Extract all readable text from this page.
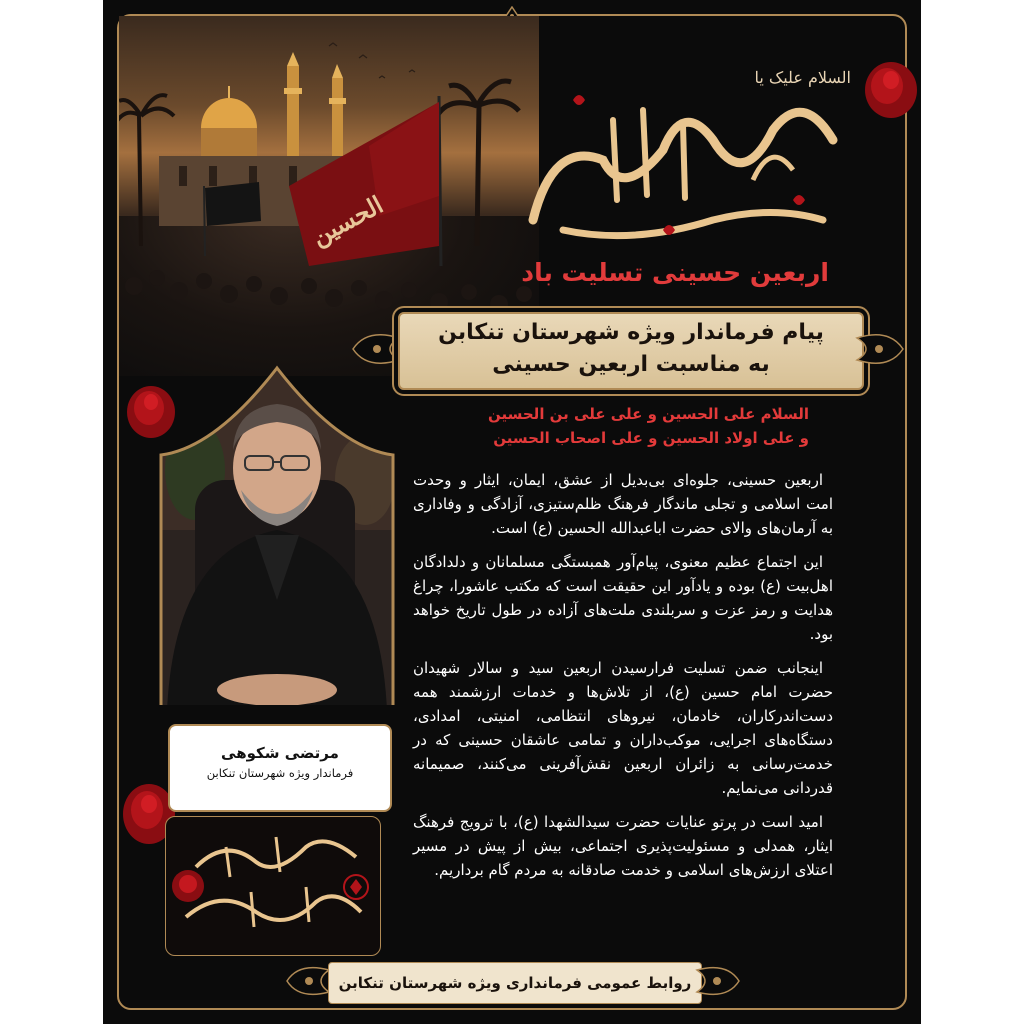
الحسین
السلام علیک یا
اربعین حسینی تسلیت باد
پیام فرماندار ویژه شهرستان تنکابن
به مناسبت اربعین حسینی
السلام علی الحسین و علی علی بن الحسین
و علی اولاد الحسین و علی اصحاب الحسین

اربعین حسینی، جلوه‌ای بی‌بدیل از عشق، ایمان، ایثار و وحدت امت اسلامی و تجلی ماندگار فرهنگ ظلم‌ستیزی، آزادگی و وفاداری به آرمان‌های والای حضرت اباعبدالله الحسین (ع) است.

این اجتماع عظیم معنوی، پیام‌آور همبستگی مسلمانان و دلدادگان اهل‌بیت (ع) بوده و یادآور این حقیقت است که مکتب عاشورا، چراغ هدایت و رمز عزت و سربلندی ملت‌های آزاده در طول تاریخ خواهد بود.

اینجانب ضمن تسلیت فرارسیدن اربعین سید و سالار شهیدان حضرت امام حسین (ع)، از تلاش‌ها و خدمات ارزشمند همه دست‌اندرکاران، خادمان، نیروهای انتظامی، امنیتی، امدادی، دستگاه‌های اجرایی، موکب‌داران و تمامی عاشقان حسینی که در خدمت‌رسانی به زائران اربعین نقش‌آفرینی می‌کنند، صمیمانه قدردانی می‌نمایم.

امید است در پرتو عنایات حضرت سیدالشهدا (ع)، با ترویج فرهنگ ایثار، همدلی و مسئولیت‌پذیری اجتماعی، بیش از پیش در مسیر اعتلای ارزش‌های اسلامی و خدمت صادقانه به مردم گام برداریم.

مرتضی شکوهی
فرماندار ویژه شهرستان تنکابن
روابط عمومی فرمانداری ویژه شهرستان تنکابن
